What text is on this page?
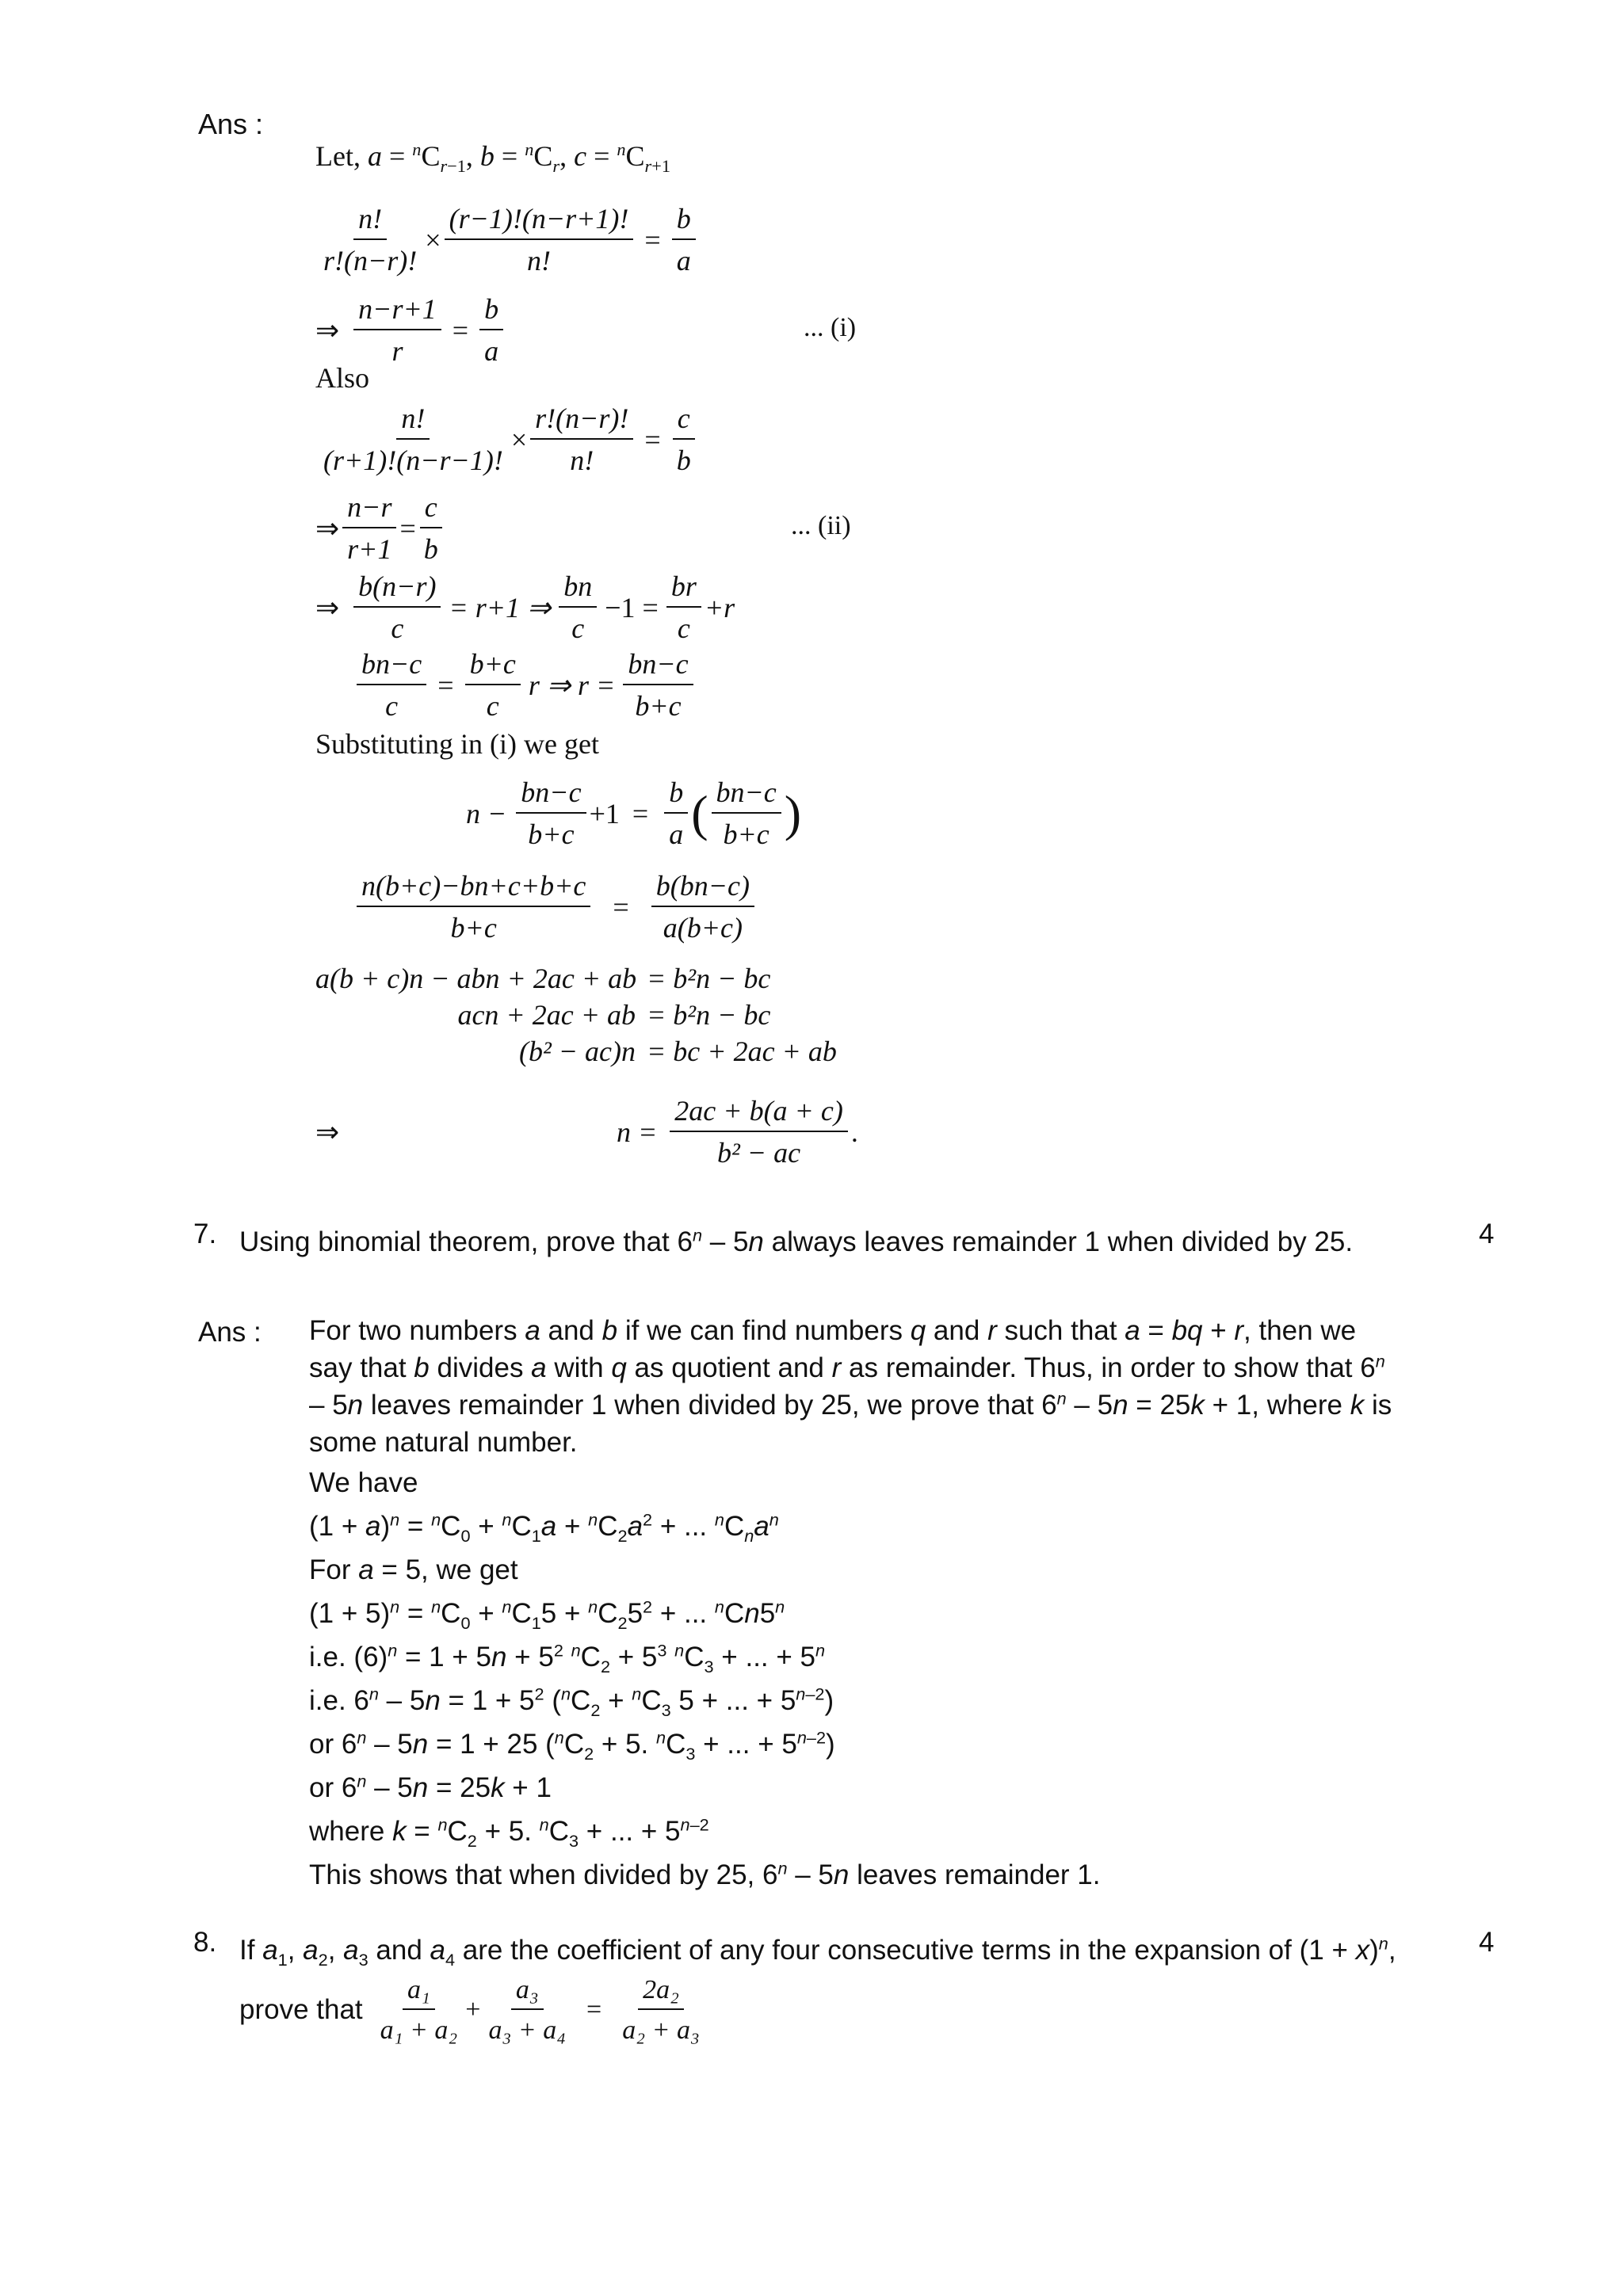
Ans :
Let, $a = ^nC_{r-1}$, $b = ^nC_r$, $c = ^nC_{r+1}$
$\frac{n!}{r!(n-r)!} \times \frac{(r-1)!(n-r+1)!}{n!} = \frac{b}{a}$
⇒ $\frac{n-r+1}{r} = \frac{b}{a}$	... (i)
Also
$\frac{n!}{(r+1)!(n-r-1)!} \times \frac{r!(n-r)!}{n!} = \frac{c}{b}$
⇒ $\frac{n-r}{r+1} = \frac{c}{b}$	... (ii)
⇒ $\frac{b(n-r)}{c} = r+1$ ⇒ $\frac{bn}{c} -1 = \frac{br}{c} +r$
$\frac{bn-c}{c} = \frac{b+c}{c}$ r ⇒ $r = \frac{bn-c}{b+c}$
Substituting in (i) we get
$n - \frac{bn-c}{b+c} +1 = \frac{b}{a}$ ( $\frac{bn-c}{b+c}$ )
$\frac{n(b+c)-bn+c+b+c}{b+c} = \frac{b(bn-c)}{a(b+c)}$
a(b + c)n − abn + 2ac + ab = b²n − bc
acn + 2ac + ab = b²n − bc
(b² − ac)n = bc + 2ac + ab
⇒	$n = \frac{2ac + b(a + c)}{\text{b² − ac}}$ .
7. Using binomial theorem, prove that 6$^n$ – 5n always leaves remainder 1 when divided by 25.	4
Ans : For two numbers a and b if we can find numbers q and r such that a = bq + r, then we
say that b divides a with q as quotient and r as remainder. Thus, in order to show that 6$^n$
– 5n leaves remainder 1 when divided by 25, we prove that 6$^n$ – 5n = 25k + 1, where k is
some natural number.
We have
$(1 + a)^n = ^nC_0 + ^nC_1a + ^nC_2a^2$ + ... $^nC_na^n$
For a = 5, we get
$(1 + 5)^n = ^nC_0 + ^nC_15 + ^nC_25^2$ + ... $^n$Cn5$^n$
i.e. $(6)^n = 1 + 5n + 5^2$ $^nC_2 + 5^3$ $^nC_3$ + ... + $5^n$
i.e. $6^n - 5n = 1 + 5^2$ ($^nC_2 + ^nC_3$ 5 + ... + $5^{n-2}$)
or 6$^n$ – 5n = 1 + 25 ($^nC_2 + 5$. $^nC_3$ + ... + $5^{n-2}$)
or 6$^n$ – 5n = 25k + 1
where $k = ^nC_2 + 5$. $^nC_3$ + ... + $5^{n-2}$
This shows that when divided by 25, 6$^n$ – 5n leaves remainder 1.
8. If $a_1$, $a_2$, $a_3$ and $a_4$ are the coefficient of any four consecutive terms in the expansion of $(1 + x)^n$,	4
prove that $\frac{\text{a₁}}{\text{a₁ + a₂}} + \frac{\text{a₃}}{\text{a₃ + a₄}} = \frac{\text{2a₂}}{\text{a₂ + a₃}}$
